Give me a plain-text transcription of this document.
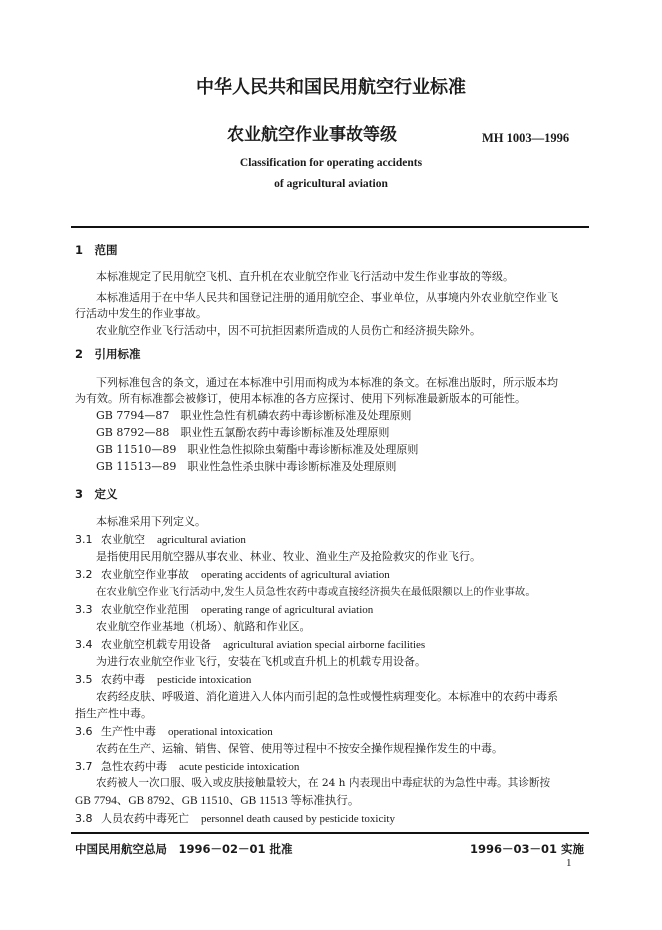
中华人民共和国民用航空行业标准
农业航空作业事故等级	MH 1003—1996
Classification for operating accidents
of agricultural aviation
1　范围
本标准规定了民用航空飞机、直升机在农业航空作业飞行活动中发生作业事故的等级。
本标准适用于在中华人民共和国登记注册的通用航空企、事业单位，从事境内外农业航空作业飞
行活动中发生的作业事故。
农业航空作业飞行活动中，因不可抗拒因素所造成的人员伤亡和经济损失除外。
2　引用标准
下列标准包含的条文，通过在本标准中引用而构成为本标准的条文。在标准出版时，所示版本均
为有效。所有标准都会被修订，使用本标准的各方应探讨、使用下列标准最新版本的可能性。
GB 7794—87　职业性急性有机磷农药中毒诊断标准及处理原则
GB 8792—88　职业性五氯酚农药中毒诊断标准及处理原则
GB 11510—89　职业性急性拟除虫菊酯中毒诊断标准及处理原则
GB 11513—89　职业性急性杀虫脒中毒诊断标准及处理原则
3　定义
本标准采用下列定义。
3.1 农业航空 agricultural aviation
是指使用民用航空器从事农业、林业、牧业、渔业生产及抢险救灾的作业飞行。
3.2 农业航空作业事故 operating accidents of agricultural aviation
在农业航空作业飞行活动中,发生人员急性农药中毒或直接经济损失在最低限额以上的作业事故。
3.3 农业航空作业范围 operating range of agricultural aviation
农业航空作业基地（机场）、航路和作业区。
3.4 农业航空机载专用设备 agricultural aviation special airborne facilities
为进行农业航空作业飞行，安装在飞机或直升机上的机载专用设备。
3.5 农药中毒 pesticide intoxication
农药经皮肤、呼吸道、消化道进入人体内而引起的急性或慢性病理变化。本标准中的农药中毒系
指生产性中毒。
3.6 生产性中毒 operational intoxication
农药在生产、运输、销售、保管、使用等过程中不按安全操作规程操作发生的中毒。
3.7 急性农药中毒 acute pesticide intoxication
农药被人一次口服、吸入或皮肤接触量较大，在 24 h 内表现出中毒症状的为急性中毒。其诊断按
GB 7794、GB 8792、GB 11510、GB 11513 等标准执行。
3.8 人员农药中毒死亡 personnel death caused by pesticide toxicity
中国民用航空总局　1996－02－01 批准	1996－03－01 实施
1
